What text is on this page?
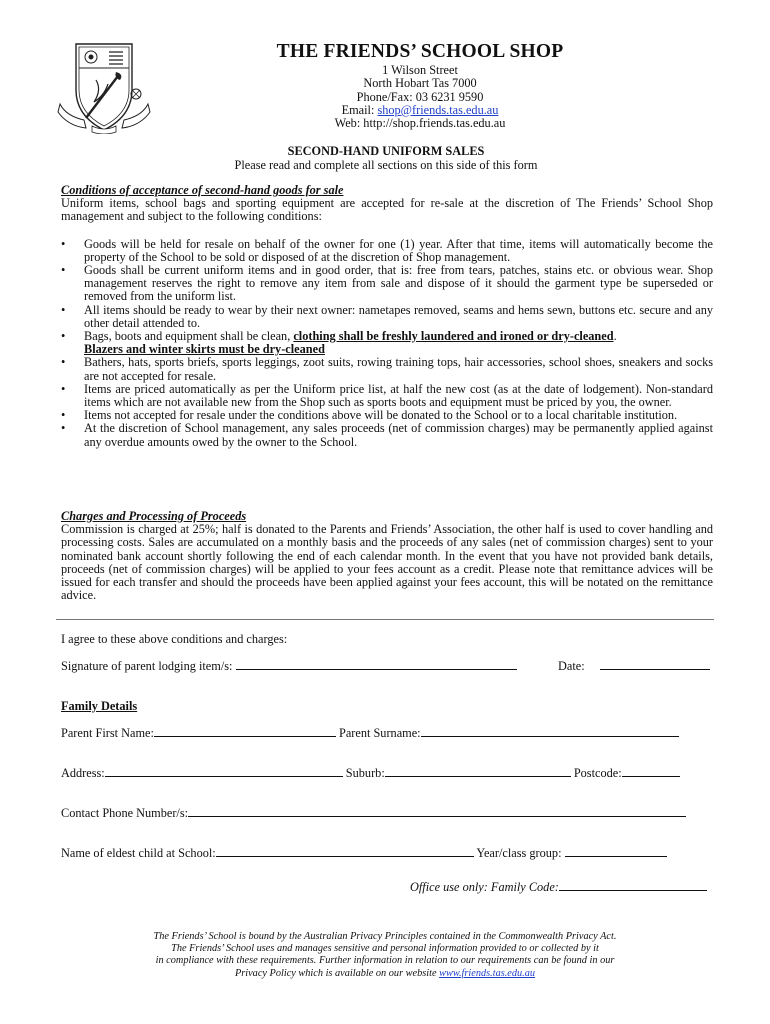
THE FRIENDS’ SCHOOL SHOP
1 Wilson Street
North Hobart Tas 7000
Phone/Fax: 03 6231 9590
Email: shop@friends.tas.edu.au
Web: http://shop.friends.tas.edu.au
SECOND-HAND UNIFORM SALES
Please read and complete all sections on this side of this form
Conditions of acceptance of second-hand goods for sale
Uniform items, school bags and sporting equipment are accepted for re-sale at the discretion of The Friends’ School Shop management and subject to the following conditions:
• Goods will be held for resale on behalf of the owner for one (1) year. After that time, items will automatically become the property of the School to be sold or disposed of at the discretion of Shop management.
• Goods shall be current uniform items and in good order, that is: free from tears, patches, stains etc. or obvious wear. Shop management reserves the right to remove any item from sale and dispose of it should the garment type be superseded or removed from the uniform list.
• All items should be ready to wear by their next owner: nametapes removed, seams and hems sewn, buttons etc. secure and any other detail attended to.
• Bags, boots and equipment shall be clean, clothing shall be freshly laundered and ironed or dry-cleaned.
Blazers and winter skirts must be dry-cleaned
• Bathers, hats, sports briefs, sports leggings, zoot suits, rowing training tops, hair accessories, school shoes, sneakers and socks are not accepted for resale.
• Items are priced automatically as per the Uniform price list, at half the new cost (as at the date of lodgement). Non-standard items which are not available new from the Shop such as sports boots and equipment must be priced by you, the owner.
• Items not accepted for resale under the conditions above will be donated to the School or to a local charitable institution.
• At the discretion of School management, any sales proceeds (net of commission charges) may be permanently applied against any overdue amounts owed by the owner to the School.
Charges and Processing of Proceeds
Commission is charged at 25%; half is donated to the Parents and Friends’ Association, the other half is used to cover handling and processing costs. Sales are accumulated on a monthly basis and the proceeds of any sales (net of commission charges) sent to your nominated bank account shortly following the end of each calendar month. In the event that you have not provided bank details, proceeds (net of commission charges) will be applied to your fees account as a credit. Please note that remittance advices will be issued for each transfer and should the proceeds have been applied against your fees account, this will be notated on the remittance advice.
I agree to these above conditions and charges:
Signature of parent lodging item/s:	Date:
Family Details
Parent First Name:	Parent Surname:
Address:	Suburb:	Postcode:
Contact Phone Number/s:
Name of eldest child at School:	Year/class group:
Office use only: Family Code:
The Friends’ School is bound by the Australian Privacy Principles contained in the Commonwealth Privacy Act.
The Friends’ School uses and manages sensitive and personal information provided to or collected by it
in compliance with these requirements. Further information in relation to our requirements can be found in our
Privacy Policy which is available on our website www.friends.tas.edu.au
